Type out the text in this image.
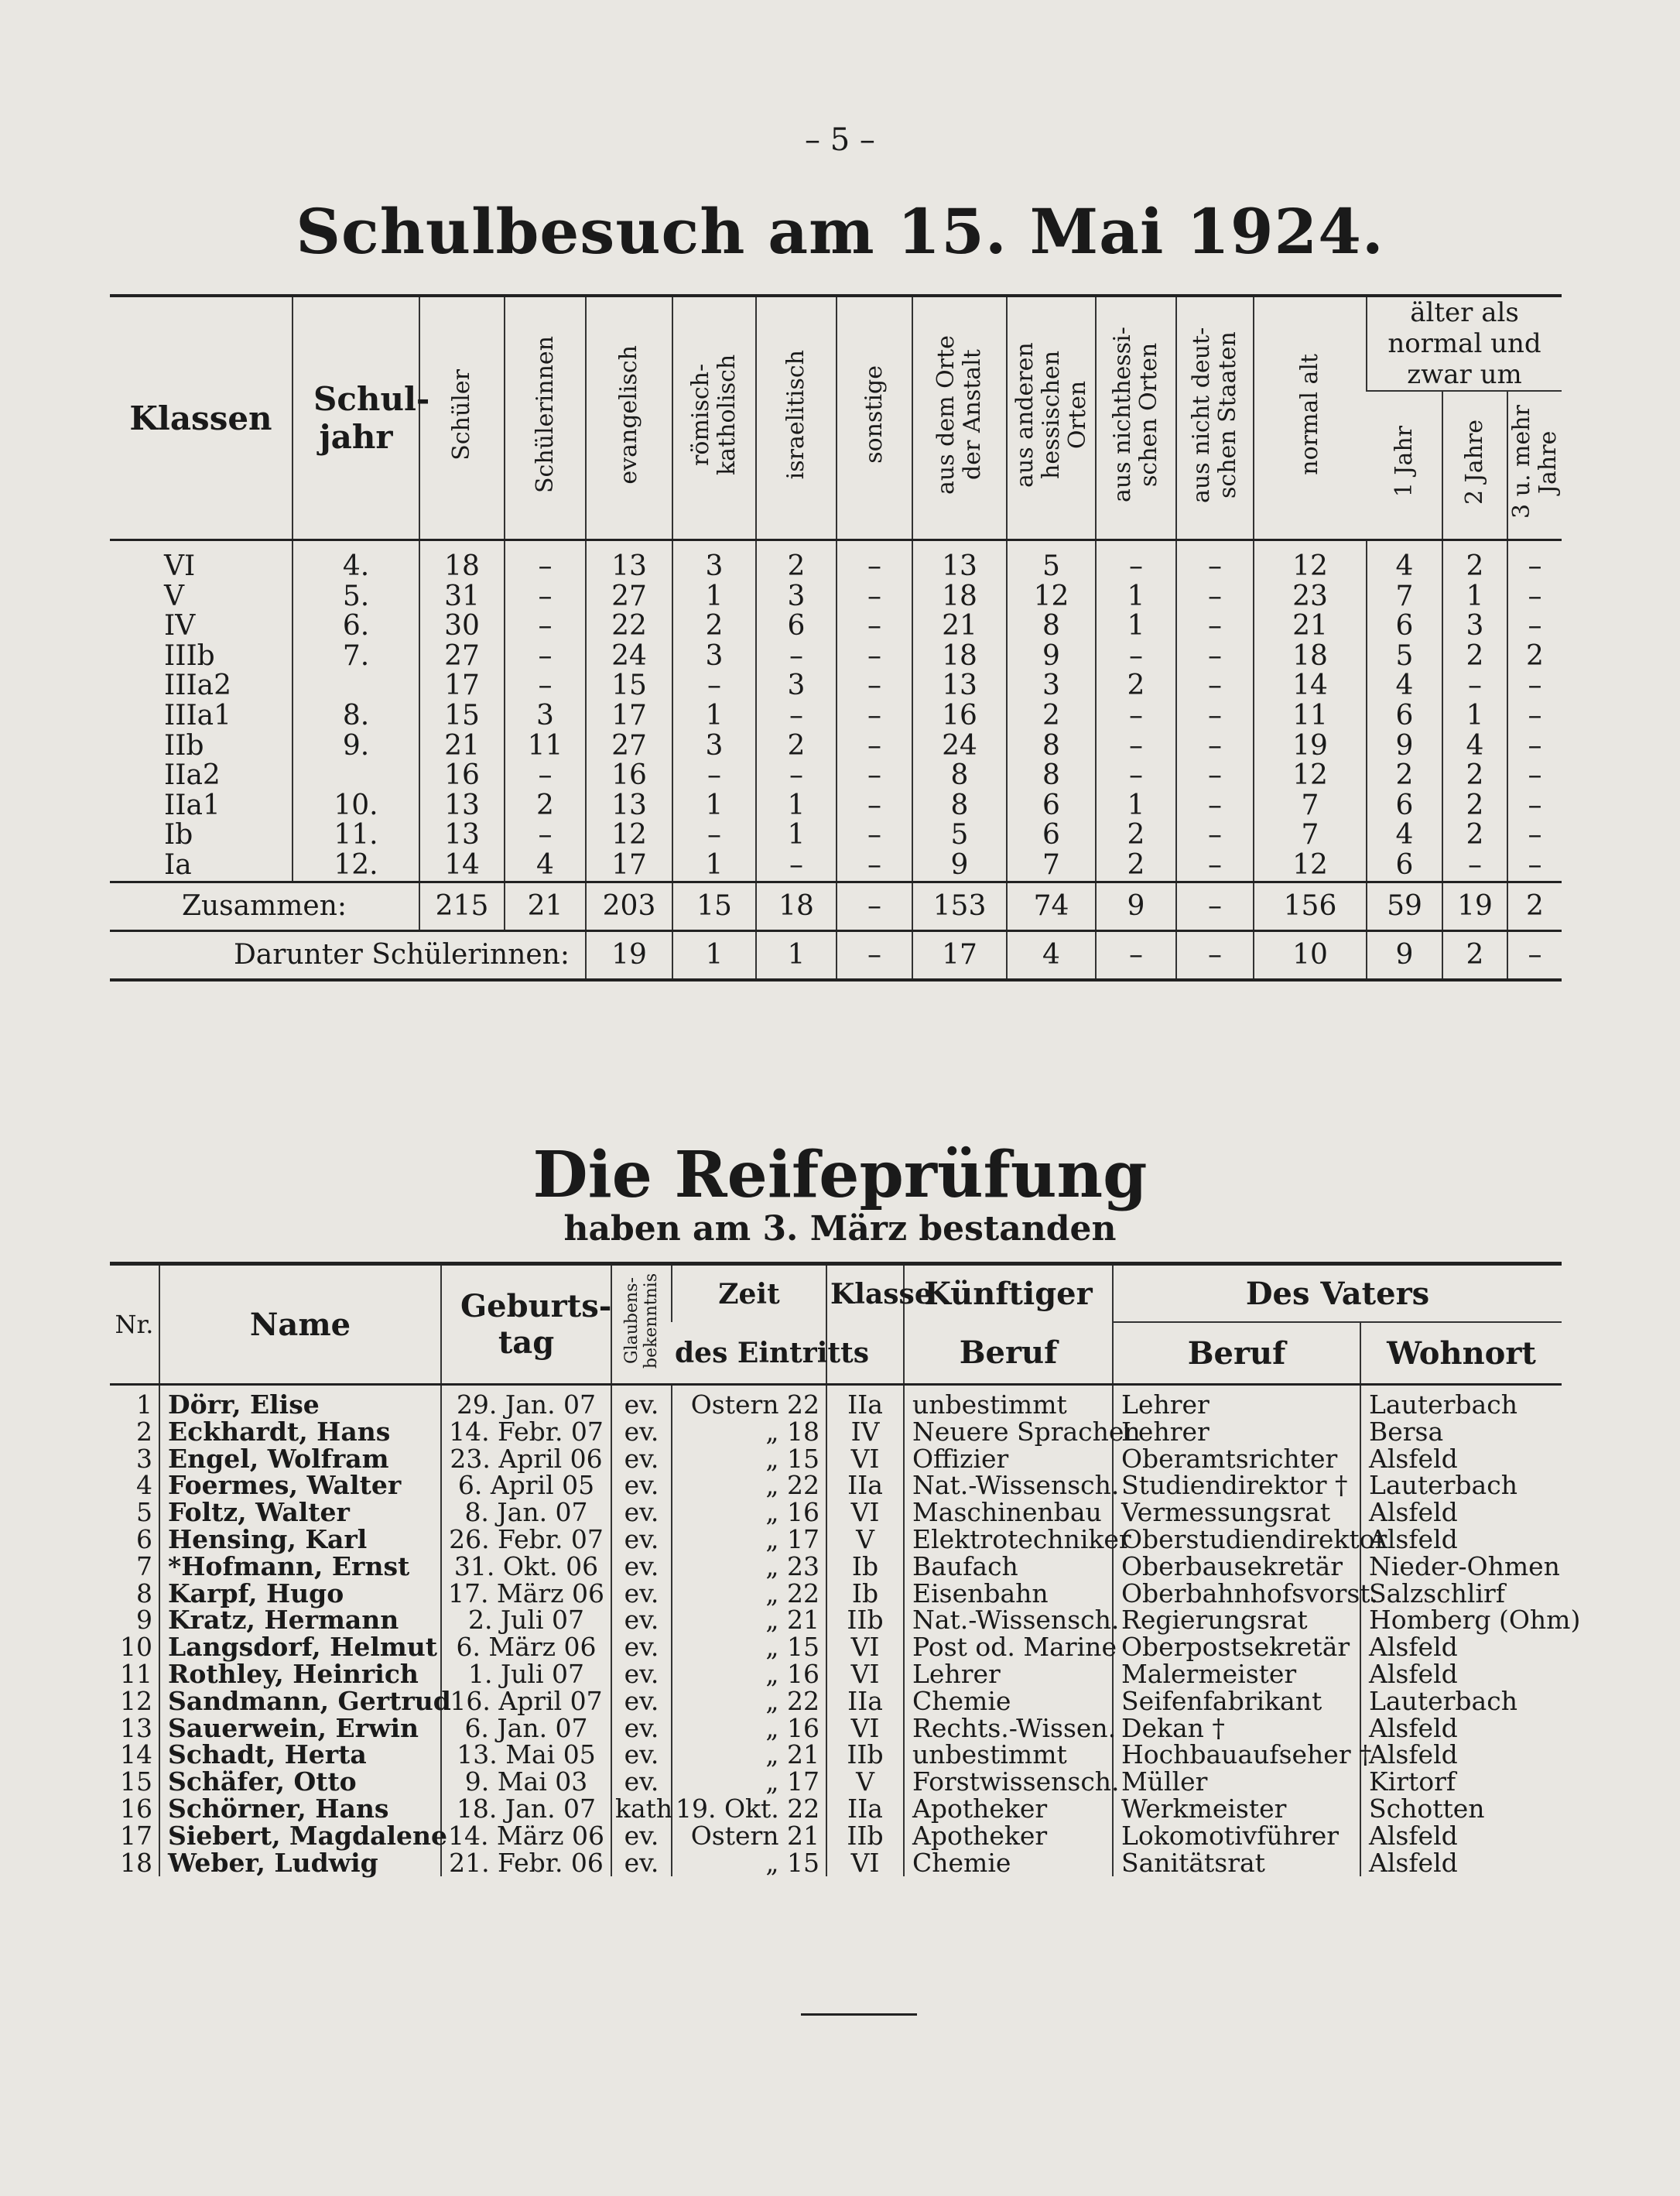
– 5 –
Schulbesuch am 15. Mai 1924.
Klassen	Schul-jahr	Schüler	Schülerinnen	evangelisch	römisch-katholisch	israelitisch	sonstige	aus dem Orte der Anstalt	aus anderen hessischen Orten	aus nichthessi-schen Orten	aus nicht deut-schen Staaten	normal alt	älter als normal und zwar um		
													1 Jahr	2 Jahre	3 u. mehr Jahre
VI	4.	18	–	13	3	2	–	13	5	–	–	12	4	2	–
V	5.	31	–	27	1	3	–	18	12	1	–	23	7	1	–
IV	6.	30	–	22	2	6	–	21	8	1	–	21	6	3	–
IIIb	7.	27	–	24	3	–	–	18	9	–	–	18	5	2	2
IIIa2		17	–	15	–	3	–	13	3	2	–	14	4	–	–
IIIa1	8.	15	3	17	1	–	–	16	2	–	–	11	6	1	–
IIb	9.	21	11	27	3	2	–	24	8	–	–	19	9	4	–
IIa2		16	–	16	–	–	–	8	8	–	–	12	2	2	–
IIa1	10.	13	2	13	1	1	–	8	6	1	–	7	6	2	–
Ib	11.	13	–	12	–	1	–	5	6	2	–	7	4	2	–
Ia	12.	14	4	17	1	–	–	9	7	2	–	12	6	–	–
Zusammen:		215	21	203	15	18	–	153	74	9	–	156	59	19	2
Darunter Schülerinnen:				19	1	1	–	17	4	–	–	10	9	2	–
Die Reifeprüfung
haben am 3. März bestanden
Nr.	Name	Geburts-tag	Glaubens-bekenntnis	Zeit	Klasse	Künftiger	Des Vaters	
				des Eintritts		Beruf	Beruf	Wohnort
1	Dörr, Elise	29. Jan. 07	ev.	Ostern 22	IIa	unbestimmt	Lehrer	Lauterbach
2	Eckhardt, Hans	14. Febr. 07	ev.	„ 18	IV	Neuere Sprachen	Lehrer	Bersa
3	Engel, Wolfram	23. April 06	ev.	„ 15	VI	Offizier	Oberamtsrichter	Alsfeld
4	Foermes, Walter	6. April 05	ev.	„ 22	IIa	Nat.-Wissensch.	Studiendirektor †	Lauterbach
5	Foltz, Walter	8. Jan. 07	ev.	„ 16	VI	Maschinenbau	Vermessungsrat	Alsfeld
6	Hensing, Karl	26. Febr. 07	ev.	„ 17	V	Elektrotechniker	Oberstudiendirektor	Alsfeld
7	*Hofmann, Ernst	31. Okt. 06	ev.	„ 23	Ib	Baufach	Oberbausekretär	Nieder-Ohmen
8	Karpf, Hugo	17. März 06	ev.	„ 22	Ib	Eisenbahn	Oberbahnhofsvorst.	Salzschlirf
9	Kratz, Hermann	2. Juli 07	ev.	„ 21	IIb	Nat.-Wissensch.	Regierungsrat	Homberg (Ohm)
10	Langsdorf, Helmut	6. März 06	ev.	„ 15	VI	Post od. Marine	Oberpostsekretär	Alsfeld
11	Rothley, Heinrich	1. Juli 07	ev.	„ 16	VI	Lehrer	Malermeister	Alsfeld
12	Sandmann, Gertrud	16. April 07	ev.	„ 22	IIa	Chemie	Seifenfabrikant	Lauterbach
13	Sauerwein, Erwin	6. Jan. 07	ev.	„ 16	VI	Rechts.-Wissen.	Dekan †	Alsfeld
14	Schadt, Herta	13. Mai 05	ev.	„ 21	IIb	unbestimmt	Hochbauaufseher †	Alsfeld
15	Schäfer, Otto	9. Mai 03	ev.	„ 17	V	Forstwissensch.	Müller	Kirtorf
16	Schörner, Hans	18. Jan. 07	kath	19. Okt. 22	IIa	Apotheker	Werkmeister	Schotten
17	Siebert, Magdalene	14. März 06	ev.	Ostern 21	IIb	Apotheker	Lokomotivführer	Alsfeld
18	Weber, Ludwig	21. Febr. 06	ev.	„ 15	VI	Chemie	Sanitätsrat	Alsfeld
